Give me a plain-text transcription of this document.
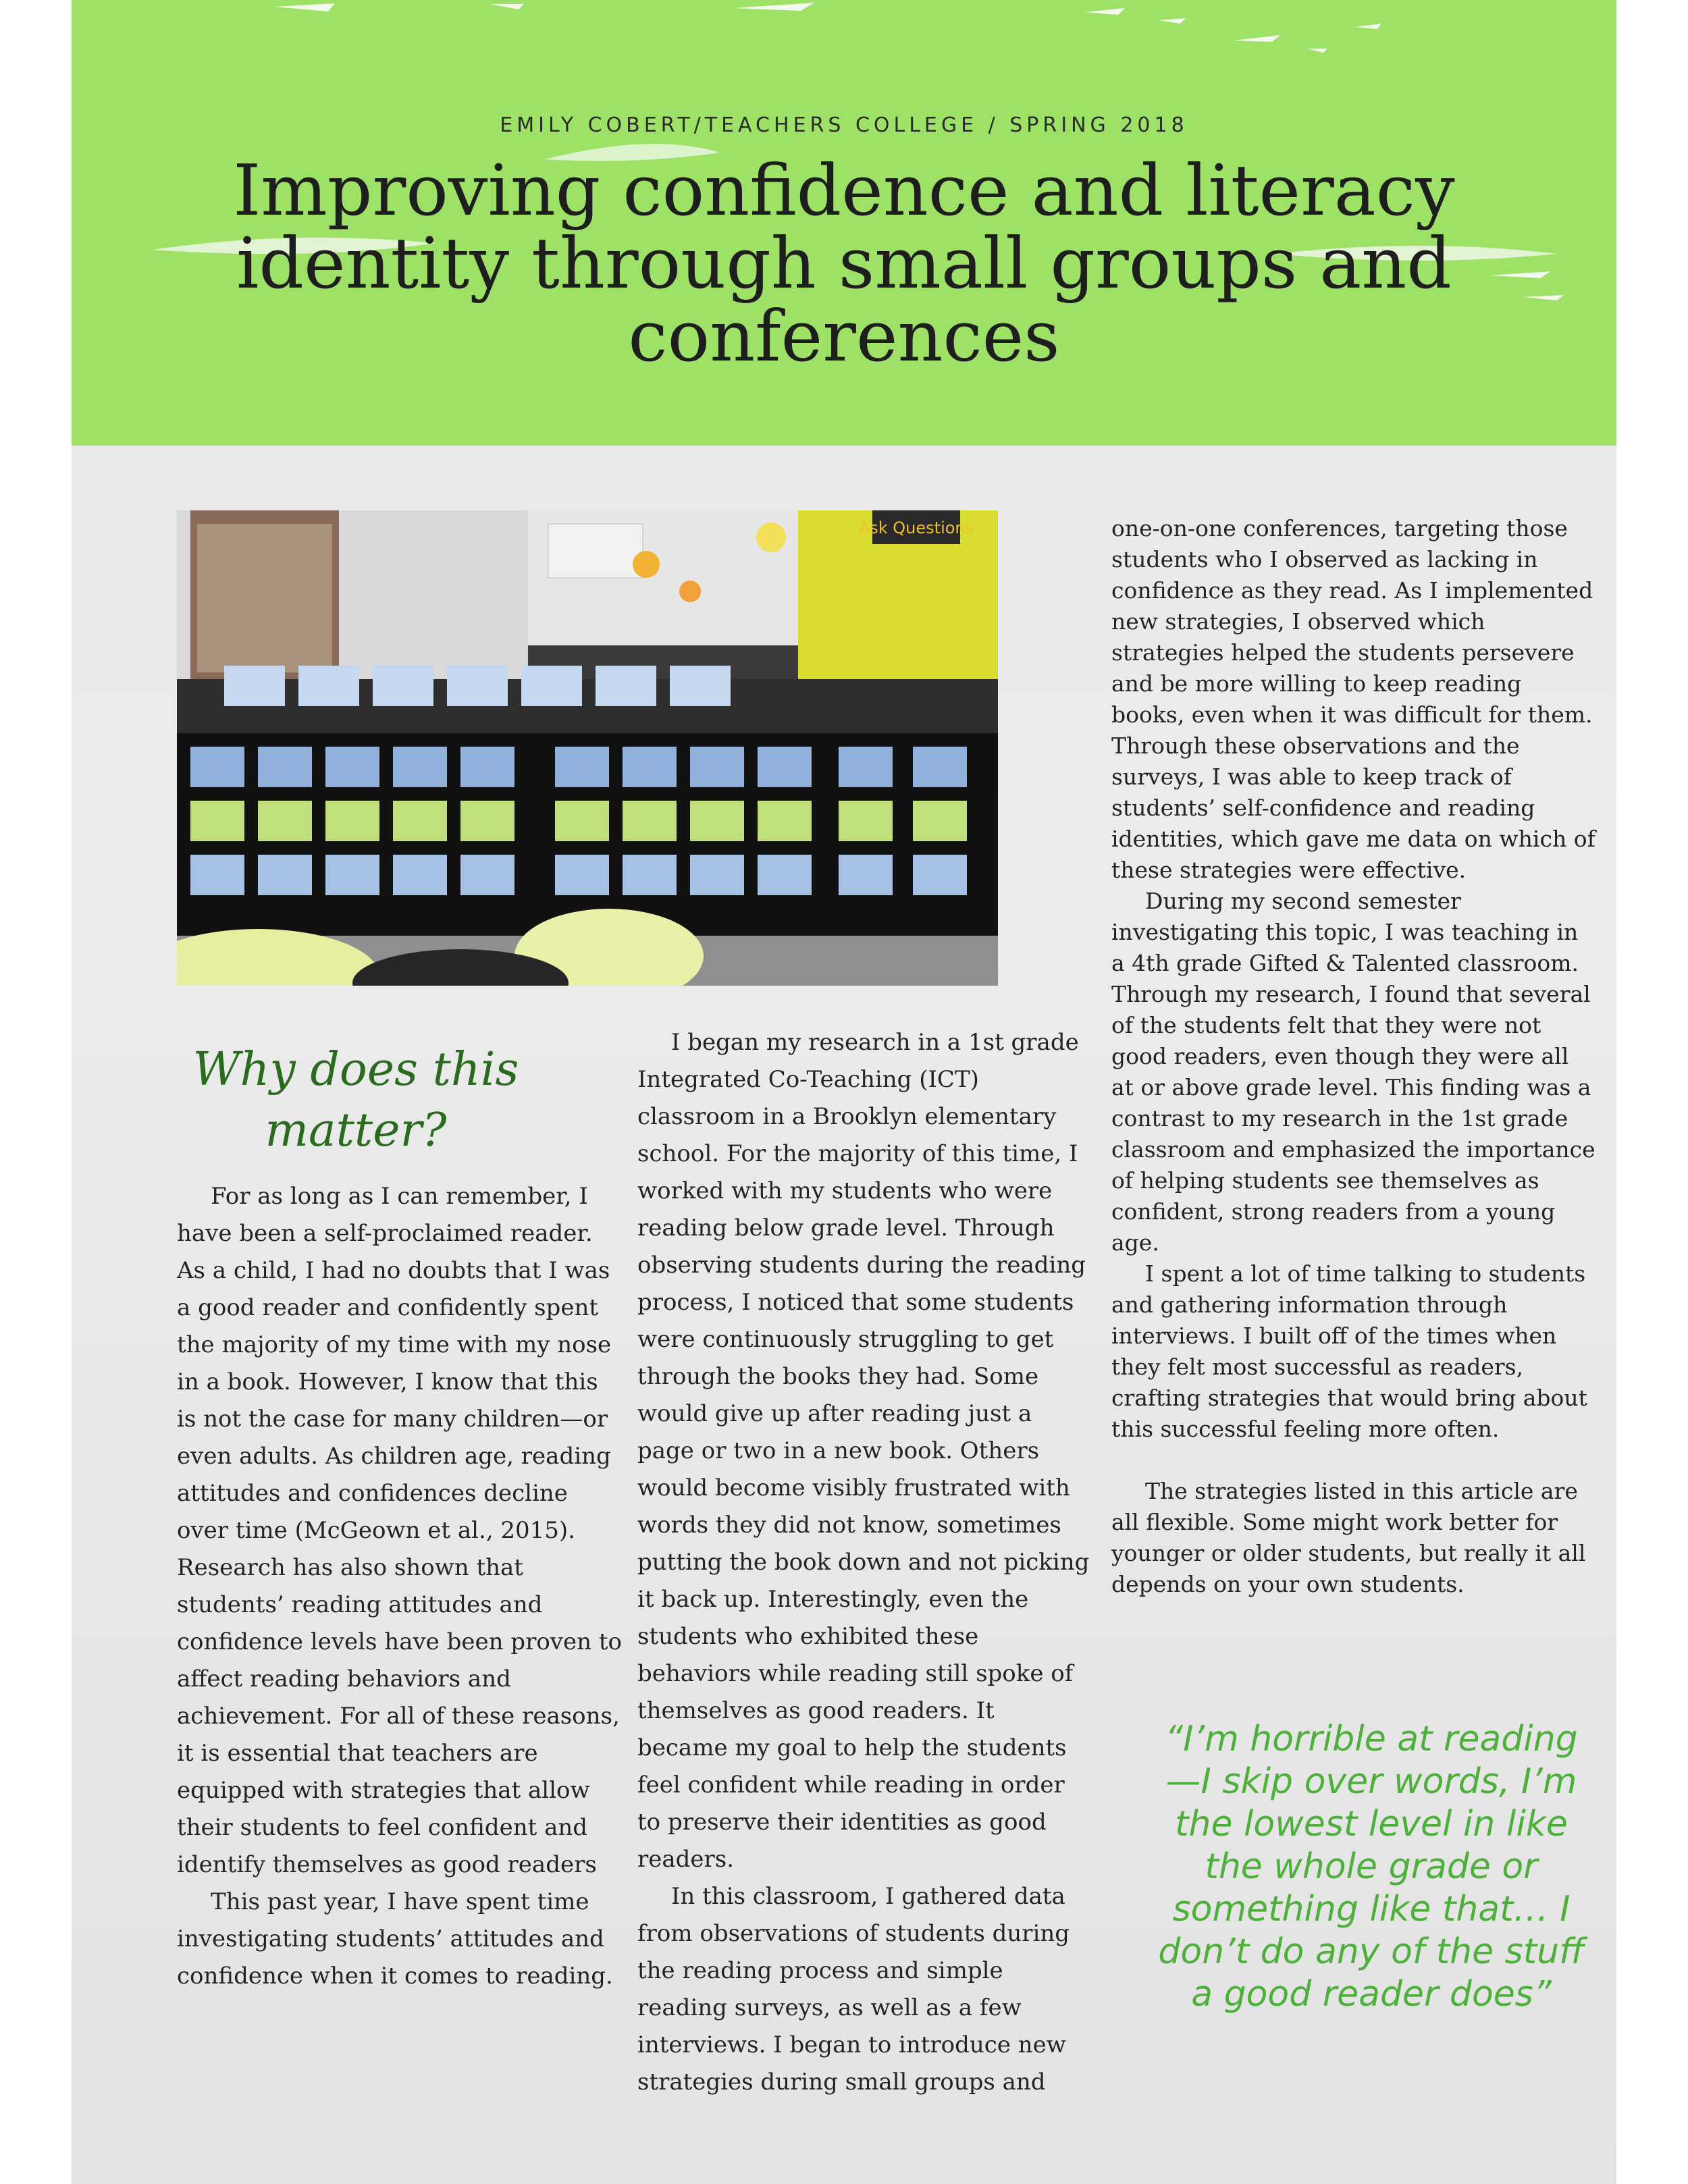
EMILY COBERT/TEACHERS COLLEGE / SPRING 2018
Improving confidence and literacy identity through small groups and conferences
Ask Questions
Why does this matter?

For as long as I can remember, I have been a self-proclaimed reader. As a child, I had no doubts that I was a good reader and confidently spent the majority of my time with my nose in a book. However, I know that this is not the case for many children—or even adults. As children age, reading attitudes and confidences decline over time (McGeown et al., 2015). Research has also shown that students’ reading attitudes and confidence levels have been proven to affect reading behaviors and achievement. For all of these reasons, it is essential that teachers are equipped with strategies that allow their students to feel confident and identify themselves as good readers

This past year, I have spent time investigating students’ attitudes and confidence when it comes to reading.

I began my research in a 1st grade Integrated Co-Teaching (ICT) classroom in a Brooklyn elementary school. For the majority of this time, I worked with my students who were reading below grade level. Through observing students during the reading process, I noticed that some students were continuously struggling to get through the books they had. Some would give up after reading just a page or two in a new book. Others would become visibly frustrated with words they did not know, sometimes putting the book down and not picking it back up. Interestingly, even the students who exhibited these behaviors while reading still spoke of themselves as good readers. It became my goal to help the students feel confident while reading in order to preserve their identities as good readers.

In this classroom, I gathered data from observations of students during the reading process and simple reading surveys, as well as a few interviews. I began to introduce new strategies during small groups and

one-on-one conferences, targeting those students who I observed as lacking in confidence as they read. As I implemented new strategies, I observed which strategies helped the students persevere and be more willing to keep reading books, even when it was difficult for them. Through these observations and the surveys, I was able to keep track of students’ self-confidence and reading identities, which gave me data on which of these strategies were effective.

During my second semester investigating this topic, I was teaching in a 4th grade Gifted & Talented classroom. Through my research, I found that several of the students felt that they were not good readers, even though they were all at or above grade level. This finding was a contrast to my research in the 1st grade classroom and emphasized the importance of helping students see themselves as confident, strong readers from a young age.

I spent a lot of time talking to students and gathering information through interviews. I built off of the times when they felt most successful as readers, crafting strategies that would bring about this successful feeling more often.

The strategies listed in this article are all flexible. Some might work better for younger or older students, but really it all depends on your own students.

“I’m horrible at reading—I skip over words, I’m the lowest level in like the whole grade or something like that… I don’t do any of the stuff a good reader does”
